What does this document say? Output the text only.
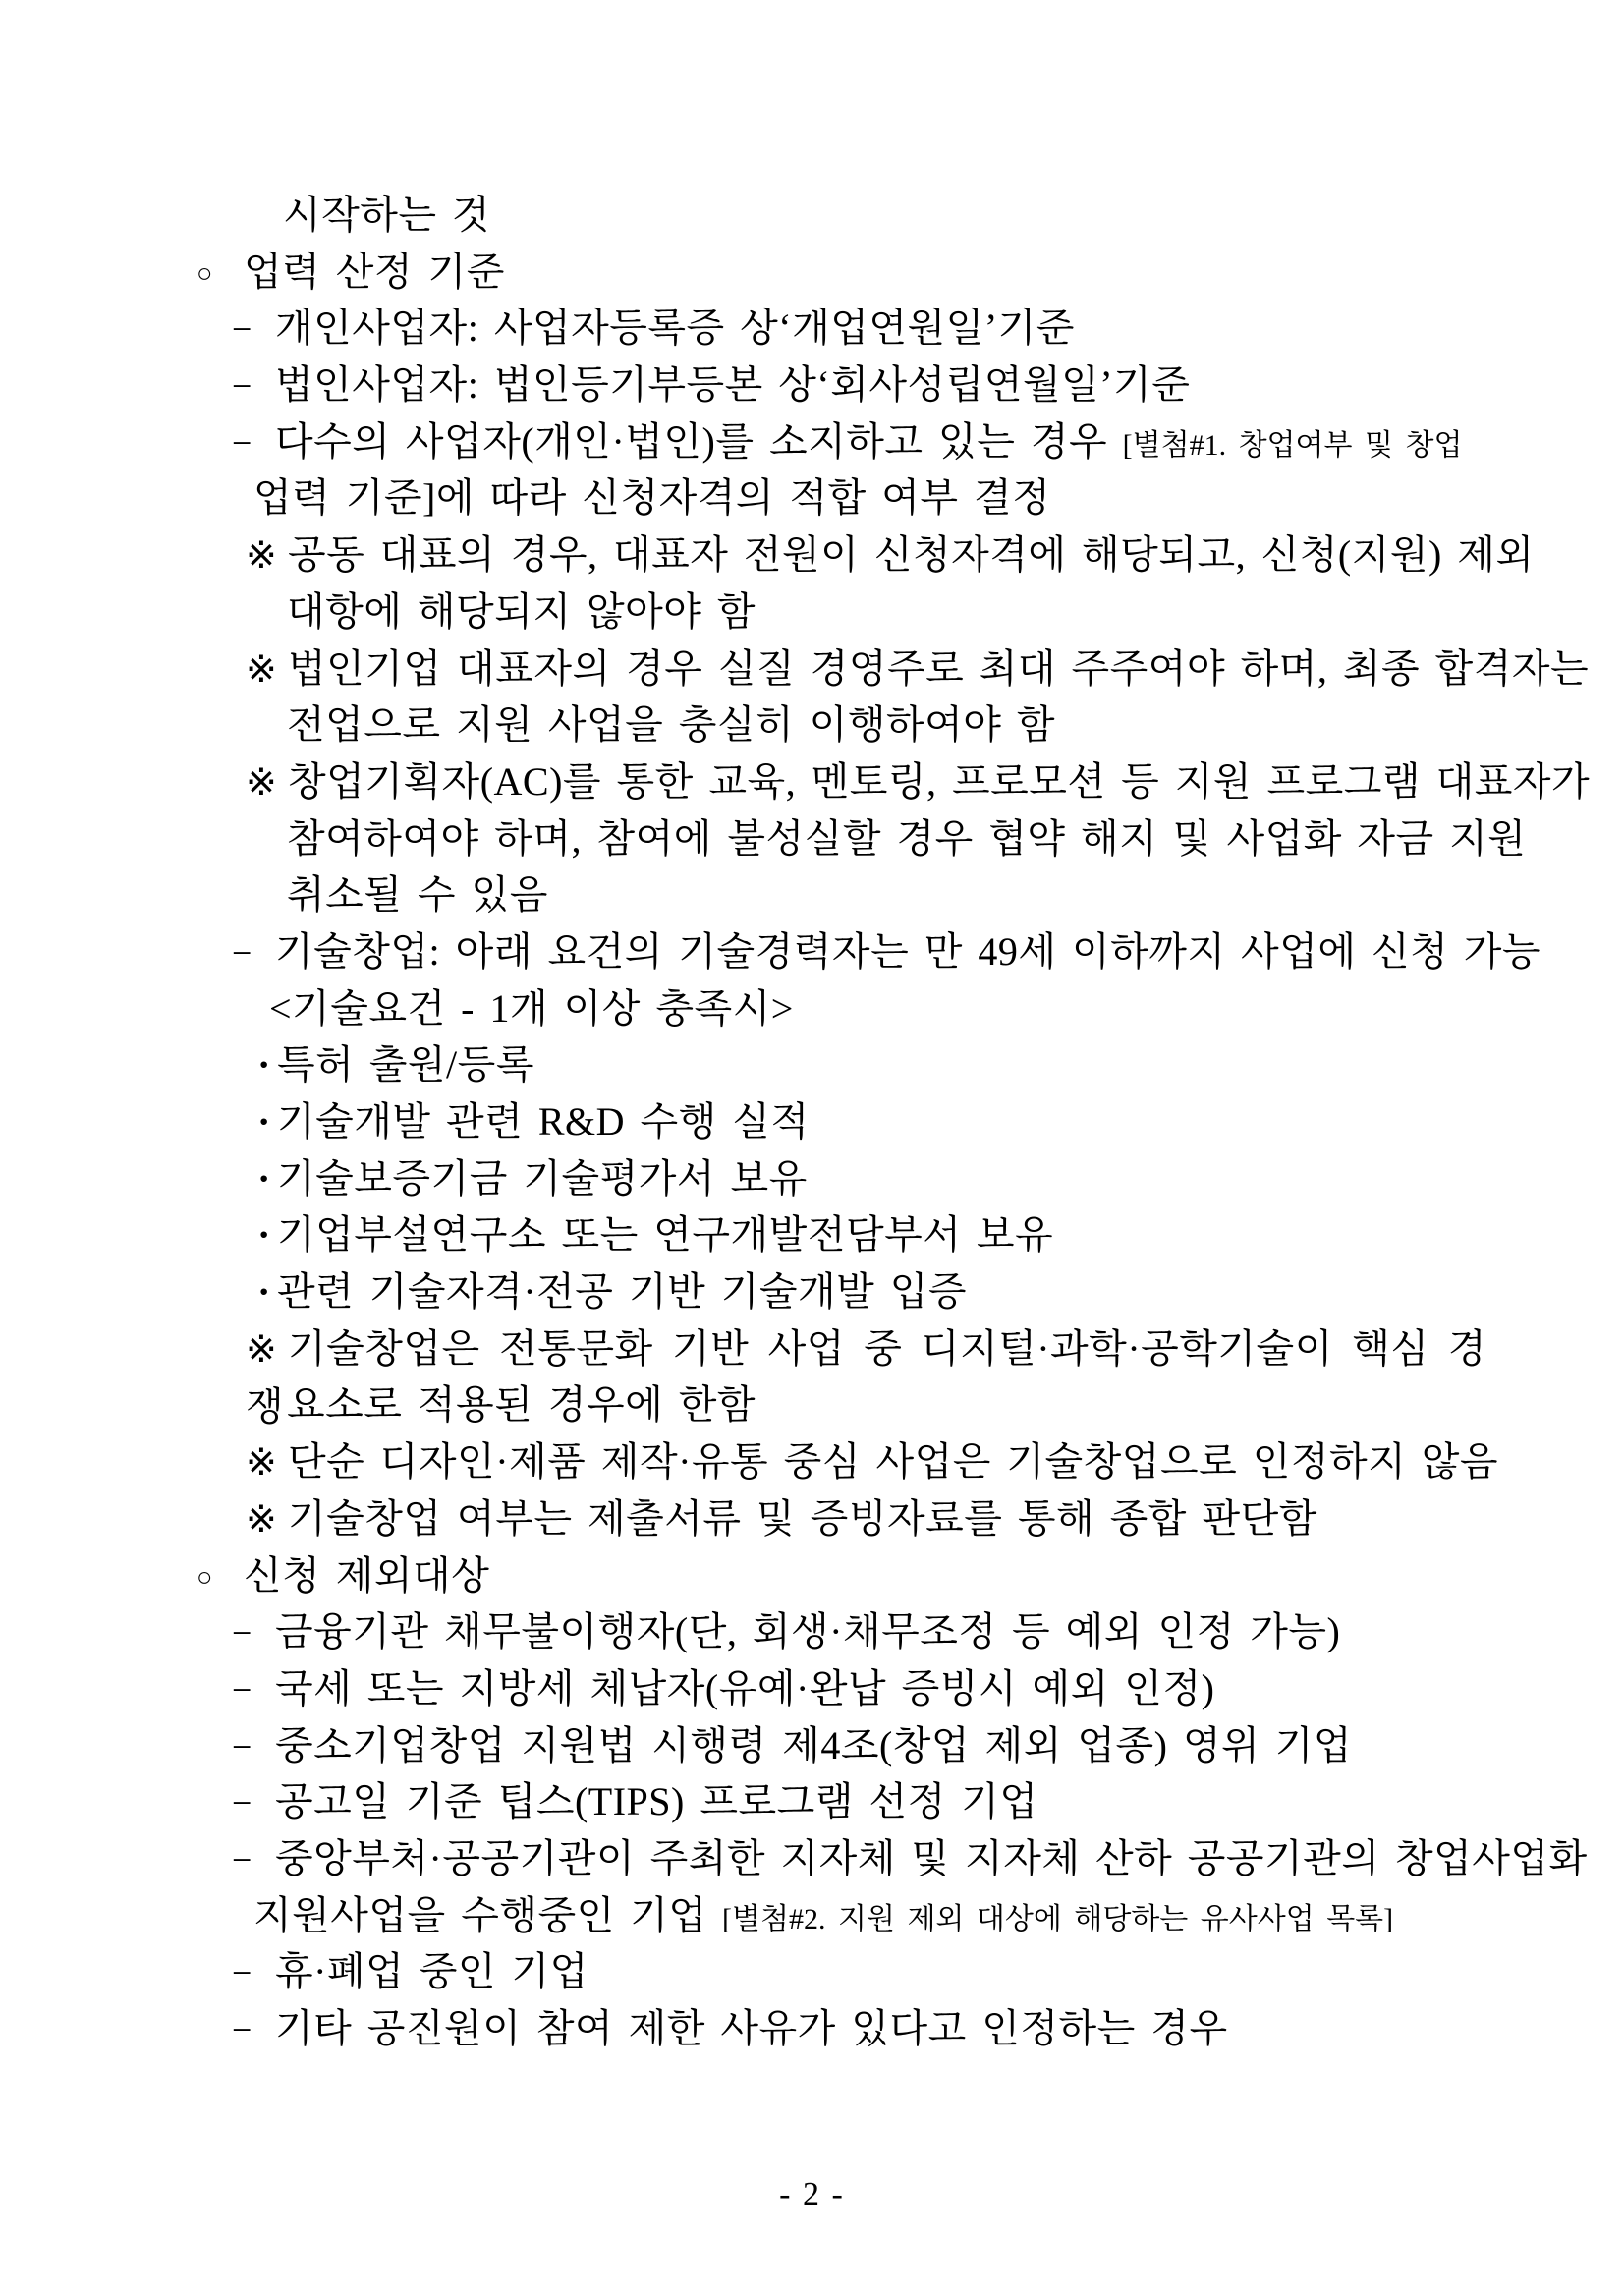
시작하는 것
○ 업력 산정 기준
− 개인사업자: 사업자등록증 상‘개업연원일’기준
− 법인사업자: 법인등기부등본 상‘회사성립연월일’기준
− 다수의 사업자(개인·법인)를 소지하고 있는 경우 [별첨#1. 창업여부 및 창업
업력 기준]에 따라 신청자격의 적합 여부 결정
※ 공동 대표의 경우, 대표자 전원이 신청자격에 해당되고, 신청(지원) 제외
대항에 해당되지 않아야 함
※ 법인기업 대표자의 경우 실질 경영주로 최대 주주여야 하며, 최종 합격자는
전업으로 지원 사업을 충실히 이행하여야 함
※ 창업기획자(AC)를 통한 교육, 멘토링, 프로모션 등 지원 프로그램 대표자가
참여하여야 하며, 참여에 불성실할 경우 협약 해지 및 사업화 자금 지원
취소될 수 있음
− 기술창업: 아래 요건의 기술경력자는 만 49세 이하까지 사업에 신청 가능
<기술요건 - 1개 이상 충족시>
· 특허 출원/등록
· 기술개발 관련 R&D 수행 실적
· 기술보증기금 기술평가서 보유
· 기업부설연구소 또는 연구개발전담부서 보유
· 관련 기술자격·전공 기반 기술개발 입증
※ 기술창업은 전통문화 기반 사업 중 디지털·과학·공학기술이 핵심 경쟁 요소로 적용된 경우에 한함
※ 단순 디자인·제품 제작·유통 중심 사업은 기술창업으로 인정하지 않음
※ 기술창업 여부는 제출서류 및 증빙자료를 통해 종합 판단함
○ 신청 제외대상
− 금융기관 채무불이행자(단, 회생·채무조정 등 예외 인정 가능)
− 국세 또는 지방세 체납자(유예·완납 증빙시 예외 인정)
− 중소기업창업 지원법 시행령 제4조(창업 제외 업종) 영위 기업
− 공고일 기준 팁스(TIPS) 프로그램 선정 기업
− 중앙부처·공공기관이 주최한 지자체 및 지자체 산하 공공기관의 창업사업화
지원사업을 수행중인 기업 [별첨#2. 지원 제외 대상에 해당하는 유사사업 목록]
− 휴·폐업 중인 기업
− 기타 공진원이 참여 제한 사유가 있다고 인정하는 경우
- 2 -
